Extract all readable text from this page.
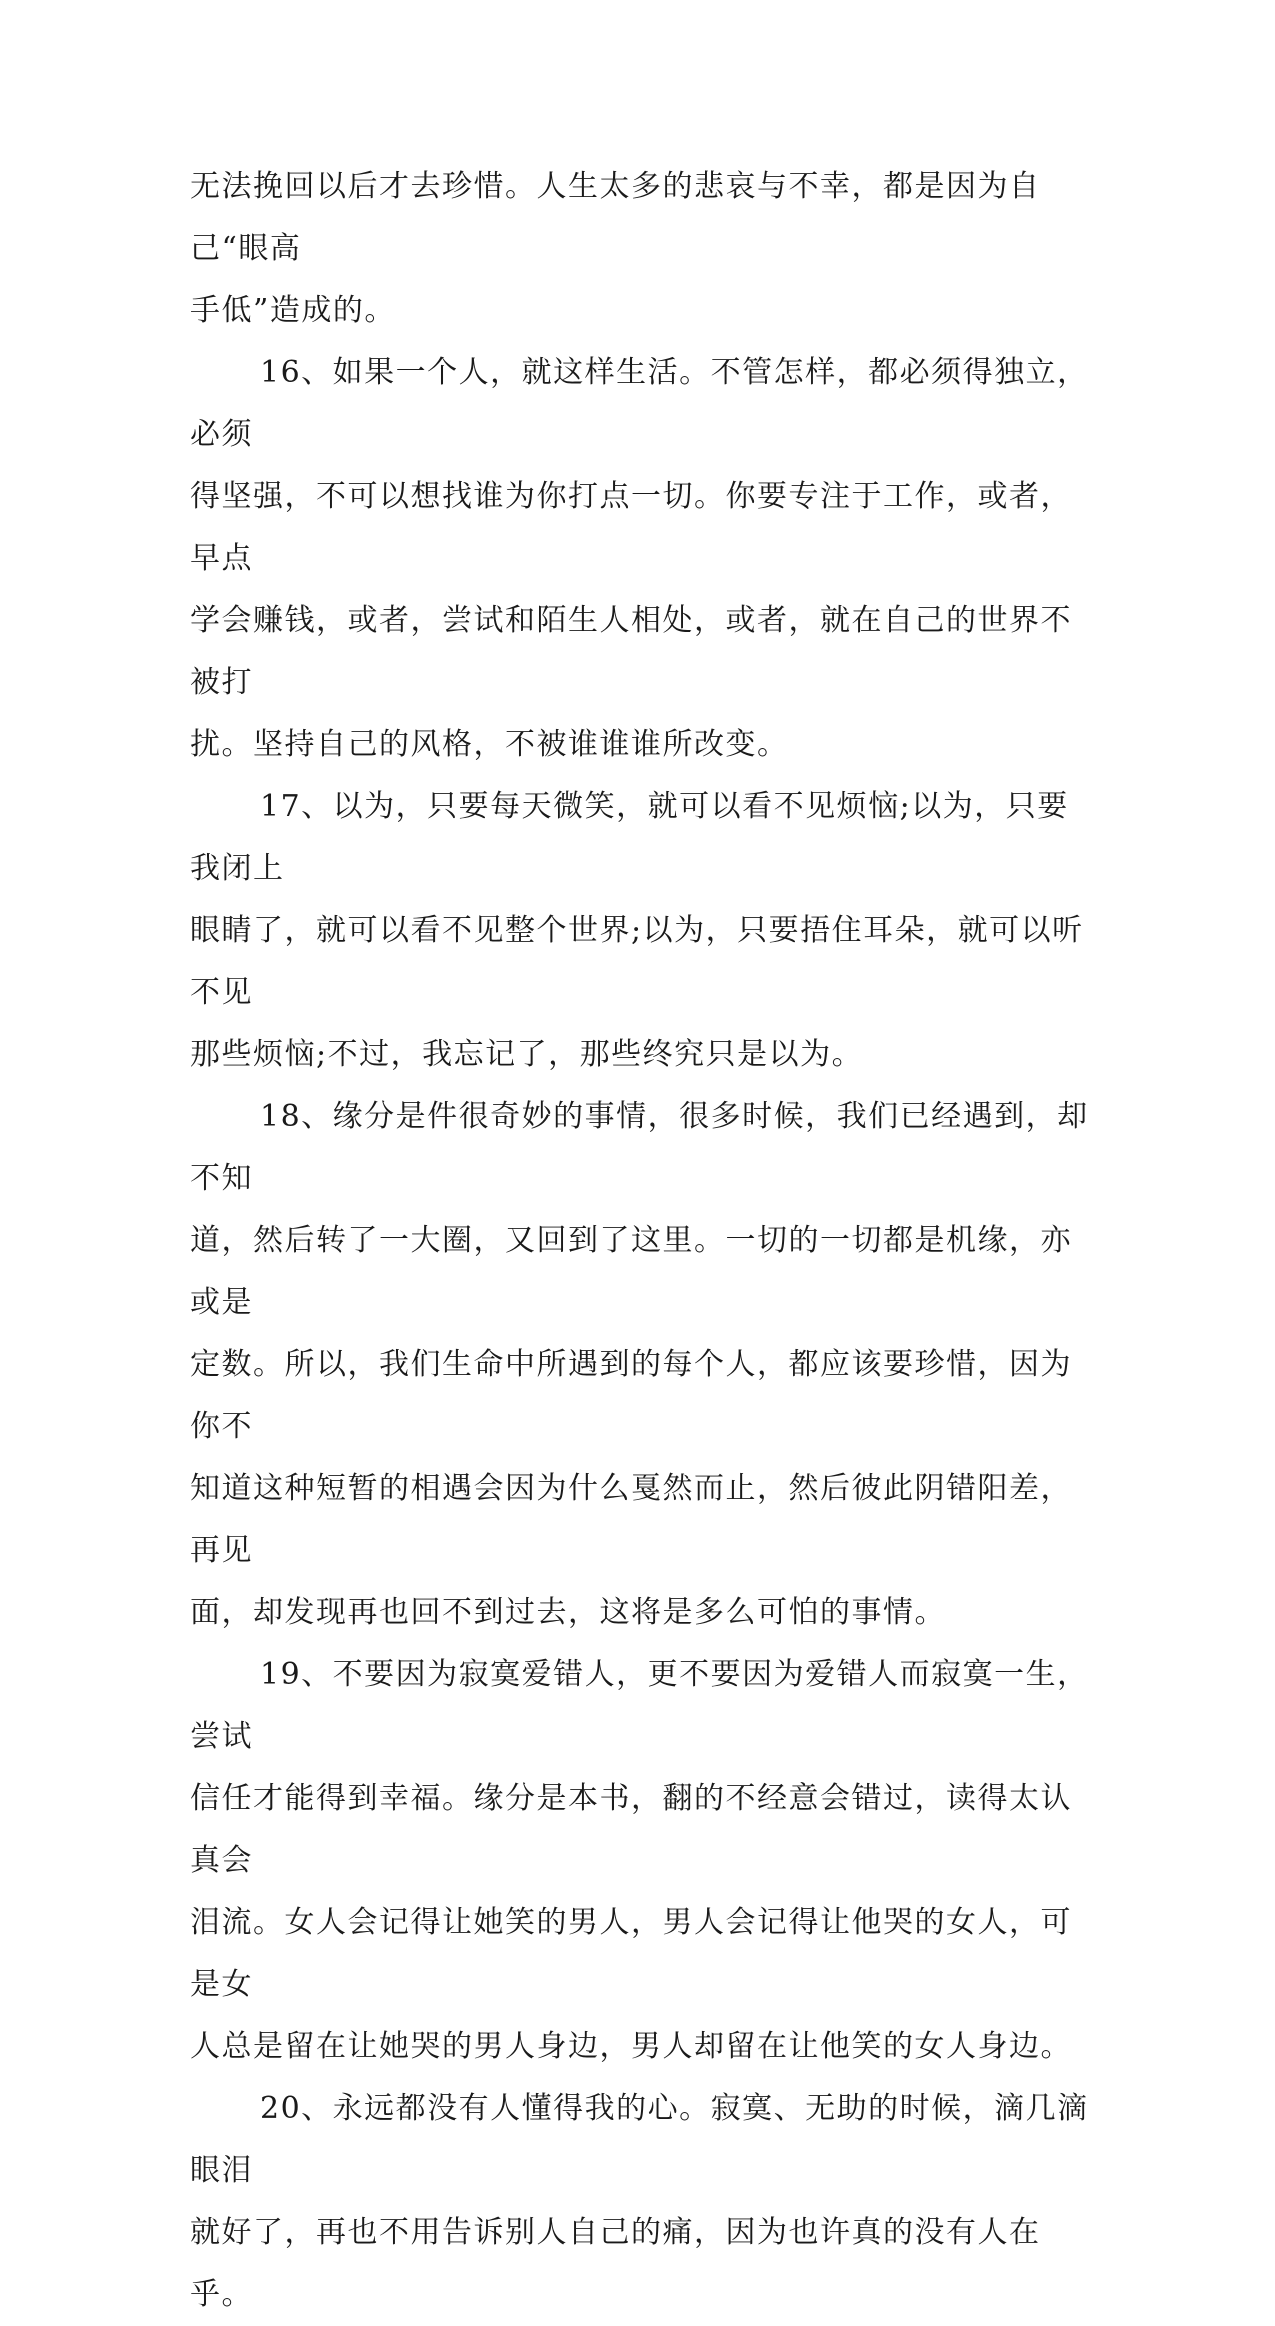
无法挽回以后才去珍惜。人生太多的悲哀与不幸，都是因为自己“眼高
手低”造成的。

16、如果一个人，就这样生活。不管怎样，都必须得独立，必须
得坚强，不可以想找谁为你打点一切。你要专注于工作，或者，早点
学会赚钱，或者，尝试和陌生人相处，或者，就在自己的世界不被打
扰。坚持自己的风格，不被谁谁谁所改变。

17、以为，只要每天微笑，就可以看不见烦恼;以为，只要我闭上
眼睛了，就可以看不见整个世界;以为，只要捂住耳朵，就可以听不见
那些烦恼;不过，我忘记了，那些终究只是以为。

18、缘分是件很奇妙的事情，很多时候，我们已经遇到，却不知
道，然后转了一大圈，又回到了这里。一切的一切都是机缘，亦或是
定数。所以，我们生命中所遇到的每个人，都应该要珍惜，因为你不
知道这种短暂的相遇会因为什么戛然而止，然后彼此阴错阳差，再见
面，却发现再也回不到过去，这将是多么可怕的事情。

19、不要因为寂寞爱错人，更不要因为爱错人而寂寞一生，尝试
信任才能得到幸福。缘分是本书，翻的不经意会错过，读得太认真会
泪流。女人会记得让她笑的男人，男人会记得让他哭的女人，可是女
人总是留在让她哭的男人身边，男人却留在让他笑的女人身边。

20、永远都没有人懂得我的心。寂寞、无助的时候，滴几滴眼泪
就好了，再也不用告诉别人自己的痛，因为也许真的没有人在乎。
